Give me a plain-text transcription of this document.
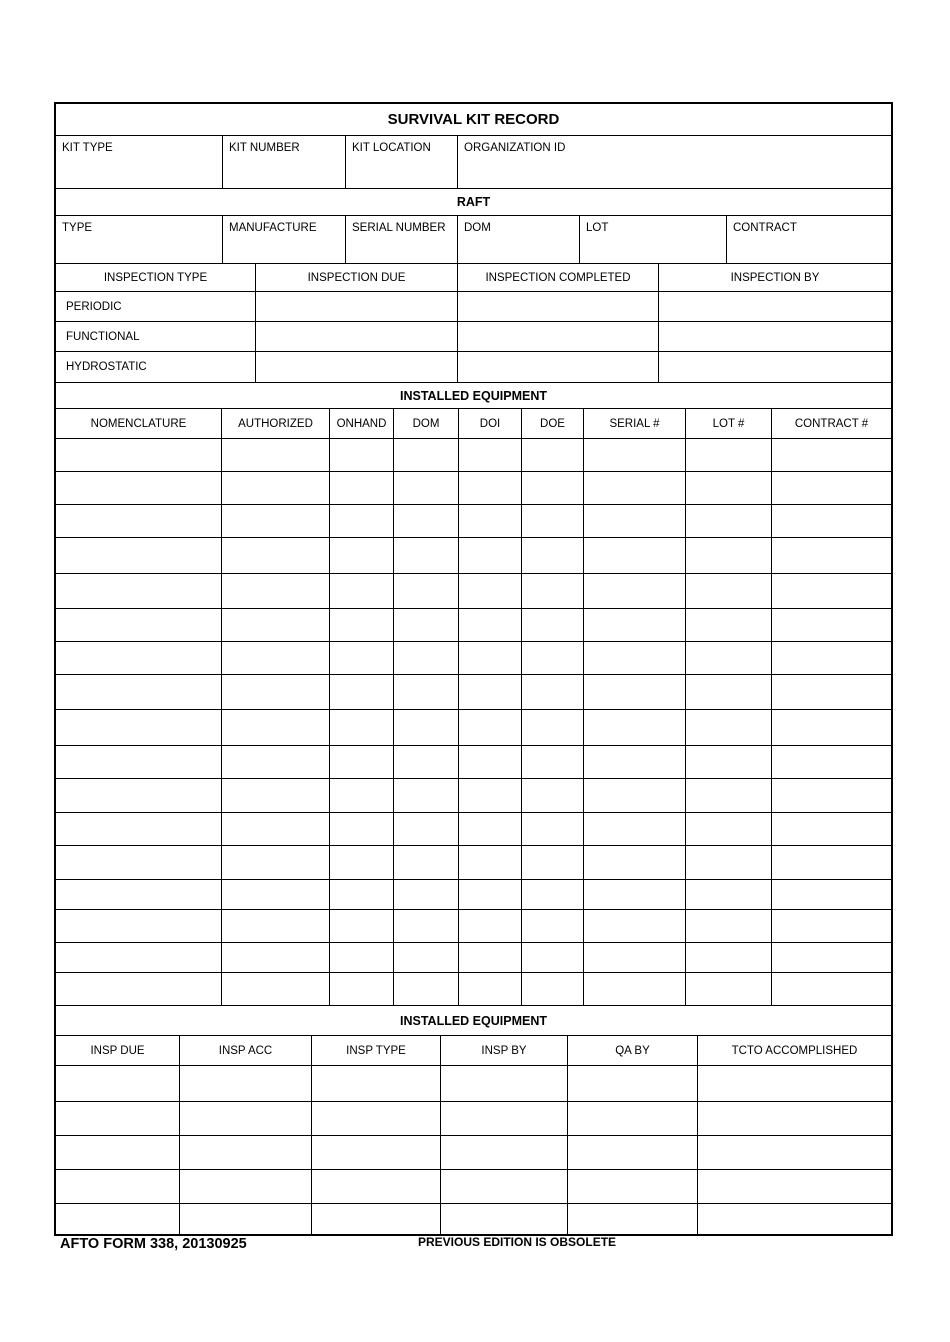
SURVIVAL KIT RECORD
KIT TYPE	KIT NUMBER	KIT LOCATION	ORGANIZATION ID
RAFT
TYPE	MANUFACTURE	SERIAL NUMBER	DOM	LOT	CONTRACT
INSPECTION TYPE	INSPECTION DUE	INSPECTION COMPLETED	INSPECTION BY
PERIODIC
FUNCTIONAL
HYDROSTATIC
INSTALLED EQUIPMENT
NOMENCLATURE	AUTHORIZED	ONHAND	DOM	DOI	DOE	SERIAL #	LOT #	CONTRACT #
INSTALLED EQUIPMENT
INSP DUE	INSP ACC	INSP TYPE	INSP BY	QA BY	TCTO ACCOMPLISHED
AFTO FORM 338, 20130925	PREVIOUS EDITION IS OBSOLETE
